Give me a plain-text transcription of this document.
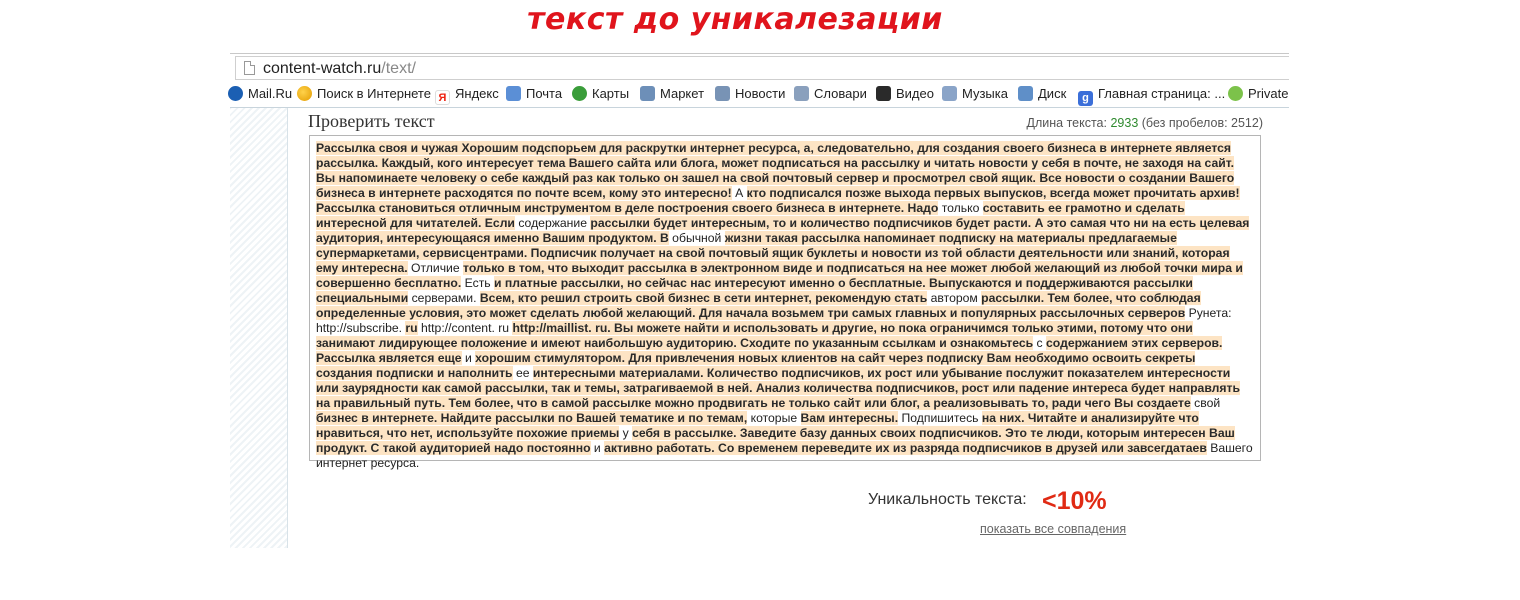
текст до уникалезации
content-watch.ru/text/
Mail.Ru	Поиск в Интернете Я Яндекс	Почта	Карты	Маркет	Новости	Словари	Видео	Музыка	Диск	g Главная страница: ...	Private
Проверить текст	Длина текста: 2933 (без пробелов: 2512)
Рассылка своя и чужая Хорошим подспорьем для раскрутки интернет ресурса, а, следовательно, для создания своего бизнеса в интернете является рассылка. Каждый, кого интересует тема Вашего сайта или блога, может подписаться на рассылку и читать новости у себя в почте, не заходя на сайт. Вы напоминаете человеку о себе каждый раз как только он зашел на свой почтовый сервер и просмотрел свой ящик. Все новости о создании Вашего бизнеса в интернете расходятся по почте всем, кому это интересно! А кто подписался позже выхода первых выпусков, всегда может прочитать архив! Рассылка становиться отличным инструментом в деле построения своего бизнеса в интернете. Надо только составить ее грамотно и сделать интересной для читателей. Если содержание рассылки будет интересным, то и количество подписчиков будет расти. А это самая что ни на есть целевая аудитория, интересующаяся именно Вашим продуктом. В обычной жизни такая рассылка напоминает подписку на материалы предлагаемые супермаркетами, сервисцентрами. Подписчик получает на свой почтовый ящик буклеты и новости из той области деятельности или знаний, которая ему интересна. Отличие только в том, что выходит рассылка в электронном виде и подписаться на нее может любой желающий из любой точки мира и совершенно бесплатно. Есть и платные рассылки, но сейчас нас интересуют именно о бесплатные. Выпускаются и поддерживаются рассылки специальными серверами. Всем, кто решил строить свой бизнес в сети интернет, рекомендую стать автором рассылки. Тем более, что соблюдая определенные условия, это может сделать любой желающий. Для начала возьмем три самых главных и популярных рассылочных серверов Рунета: http://subscribe. ru http://content. ru http://maillist. ru. Вы можете найти и использовать и другие, но пока ограничимся только этими, потому что они занимают лидирующее положение и имеют наибольшую аудиторию. Сходите по указанным ссылкам и ознакомьтесь с содержанием этих серверов. Рассылка является еще и хорошим стимулятором. Для привлечения новых клиентов на сайт через подписку Вам необходимо освоить секреты создания подписки и наполнить ее интересными материалами. Количество подписчиков, их рост или убывание послужит показателем интересности или заурядности как самой рассылки, так и темы, затрагиваемой в ней. Анализ количества подписчиков, рост или падение интереса будет направлять на правильный путь. Тем более, что в самой рассылке можно продвигать не только сайт или блог, а реализовывать то, ради чего Вы создаете свой бизнес в интернете. Найдите рассылки по Вашей тематике и по темам, которые Вам интересны. Подпишитесь на них. Читайте и анализируйте что нравиться, что нет, используйте похожие приемы у себя в рассылке. Заведите базу данных своих подписчиков. Это те люди, которым интересен Ваш продукт. С такой аудиторией надо постоянно и активно работать. Со временем переведите их из разряда подписчиков в друзей или завсегдатаев Вашего интернет ресурса.
Уникальность текста: <10%
показать все совпадения
